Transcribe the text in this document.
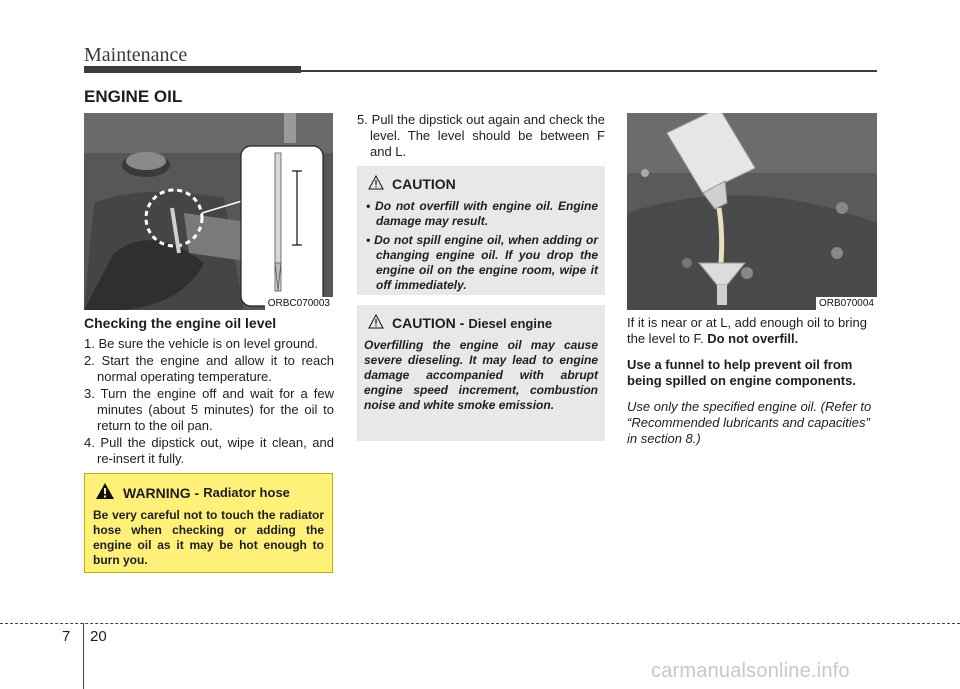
Maintenance
ENGINE OIL
ORBC070003
Checking the engine oil level
1. Be sure the vehicle is on level ground.
2. Start the engine and allow it to reach normal operating temperature.
3. Turn the engine off and wait for a few minutes (about 5 minutes) for the oil to return to the oil pan.
4. Pull the dipstick out, wipe it clean, and re-insert it fully.
WARNING - Radiator hose
Be very careful not to touch the radiator hose when checking or adding the engine oil as it may be hot enough to burn you.
5. Pull the dipstick out again and check the level. The level should be between F and L.
CAUTION
• Do not overfill with engine oil. Engine damage may result.
• Do not spill engine oil, when adding or changing engine oil. If you drop the engine oil on the engine room, wipe it off immediately.
CAUTION - Diesel engine
Overfilling the engine oil may cause severe dieseling. It may lead to engine damage accompanied with abrupt engine speed increment, combustion noise and white smoke emission.
ORB070004

If it is near or at L, add enough oil to bring the level to F. Do not overfill.

Use a funnel to help prevent oil from being spilled on engine components.

Use only the specified engine oil. (Refer to “Recommended lubricants and capacities” in section 8.)

7 20
carmanualsonline.info
